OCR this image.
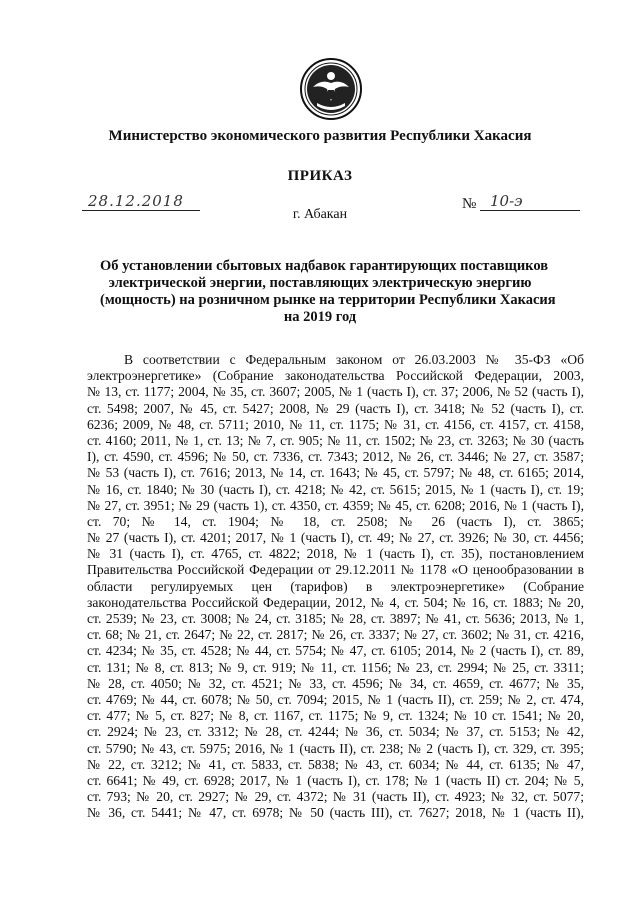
Министерство экономического развития Республики Хакасия
ПРИКАЗ
28.12.2018	№ 10-э
г. Абакан
Об установлении сбытовых надбавок гарантирующих поставщиков
электрической энергии, поставляющих электрическую энергию
(мощность) на розничном рынке на территории Республики Хакасия
на 2019 год
В соответствии с Федеральным законом от 26.03.2003 № 35-ФЗ «Об
электроэнергетике» (Собрание законодательства Российской Федерации, 2003,
№ 13, ст. 1177; 2004, № 35, ст. 3607; 2005, № 1 (часть I), ст. 37; 2006, № 52 (часть I),
ст. 5498; 2007, № 45, ст. 5427; 2008, № 29 (часть I), ст. 3418; № 52 (часть I), ст.
6236; 2009, № 48, ст. 5711; 2010, № 11, ст. 1175; № 31, ст. 4156, ст. 4157, ст. 4158,
ст. 4160; 2011, № 1, ст. 13; № 7, ст. 905; № 11, ст. 1502; № 23, ст. 3263; № 30 (часть
I), ст. 4590, ст. 4596; № 50, ст. 7336, ст. 7343; 2012, № 26, ст. 3446; № 27, ст. 3587;
№ 53 (часть I), ст. 7616; 2013, № 14, ст. 1643; № 45, ст. 5797; № 48, ст. 6165; 2014,
№ 16, ст. 1840; № 30 (часть I), ст. 4218; № 42, ст. 5615; 2015, № 1 (часть I), ст. 19;
№ 27, ст. 3951; № 29 (часть 1), ст. 4350, ст. 4359; № 45, ст. 6208; 2016, № 1 (часть I),
ст. 70; № 14, ст. 1904; № 18, ст. 2508; № 26 (часть I), ст. 3865;
№ 27 (часть I), ст. 4201; 2017, № 1 (часть I), ст. 49; № 27, ст. 3926; № 30, ст. 4456;
№ 31 (часть I), ст. 4765, ст. 4822; 2018, № 1 (часть I), ст. 35), постановлением
Правительства Российской Федерации от 29.12.2011 № 1178 «О ценообразовании в
области регулируемых цен (тарифов) в электроэнергетике» (Собрание
законодательства Российской Федерации, 2012, № 4, ст. 504; № 16, ст. 1883; № 20,
ст. 2539; № 23, ст. 3008; № 24, ст. 3185; № 28, ст. 3897; № 41, ст. 5636; 2013, № 1,
ст. 68; № 21, ст. 2647; № 22, ст. 2817; № 26, ст. 3337; № 27, ст. 3602; № 31, ст. 4216,
ст. 4234; № 35, ст. 4528; № 44, ст. 5754; № 47, ст. 6105; 2014, № 2 (часть I), ст. 89,
ст. 131; № 8, ст. 813; № 9, ст. 919; № 11, ст. 1156; № 23, ст. 2994; № 25, ст. 3311;
№ 28, ст. 4050; № 32, ст. 4521; № 33, ст. 4596; № 34, ст. 4659, ст. 4677; № 35,
ст. 4769; № 44, ст. 6078; № 50, ст. 7094; 2015, № 1 (часть II), ст. 259; № 2, ст. 474,
ст. 477; № 5, ст. 827; № 8, ст. 1167, ст. 1175; № 9, ст. 1324; № 10 ст. 1541; № 20,
ст. 2924; № 23, ст. 3312; № 28, ст. 4244; № 36, ст. 5034; № 37, ст. 5153; № 42,
ст. 5790; № 43, ст. 5975; 2016, № 1 (часть II), ст. 238; № 2 (часть I), ст. 329, ст. 395;
№ 22, ст. 3212; № 41, ст. 5833, ст. 5838; № 43, ст. 6034; № 44, ст. 6135; № 47,
ст. 6641; № 49, ст. 6928; 2017, № 1 (часть I), ст. 178; № 1 (часть II) ст. 204; № 5,
ст. 793; № 20, ст. 2927; № 29, ст. 4372; № 31 (часть II), ст. 4923; № 32, ст. 5077;
№ 36, ст. 5441; № 47, ст. 6978; № 50 (часть III), ст. 7627; 2018, № 1 (часть II),
